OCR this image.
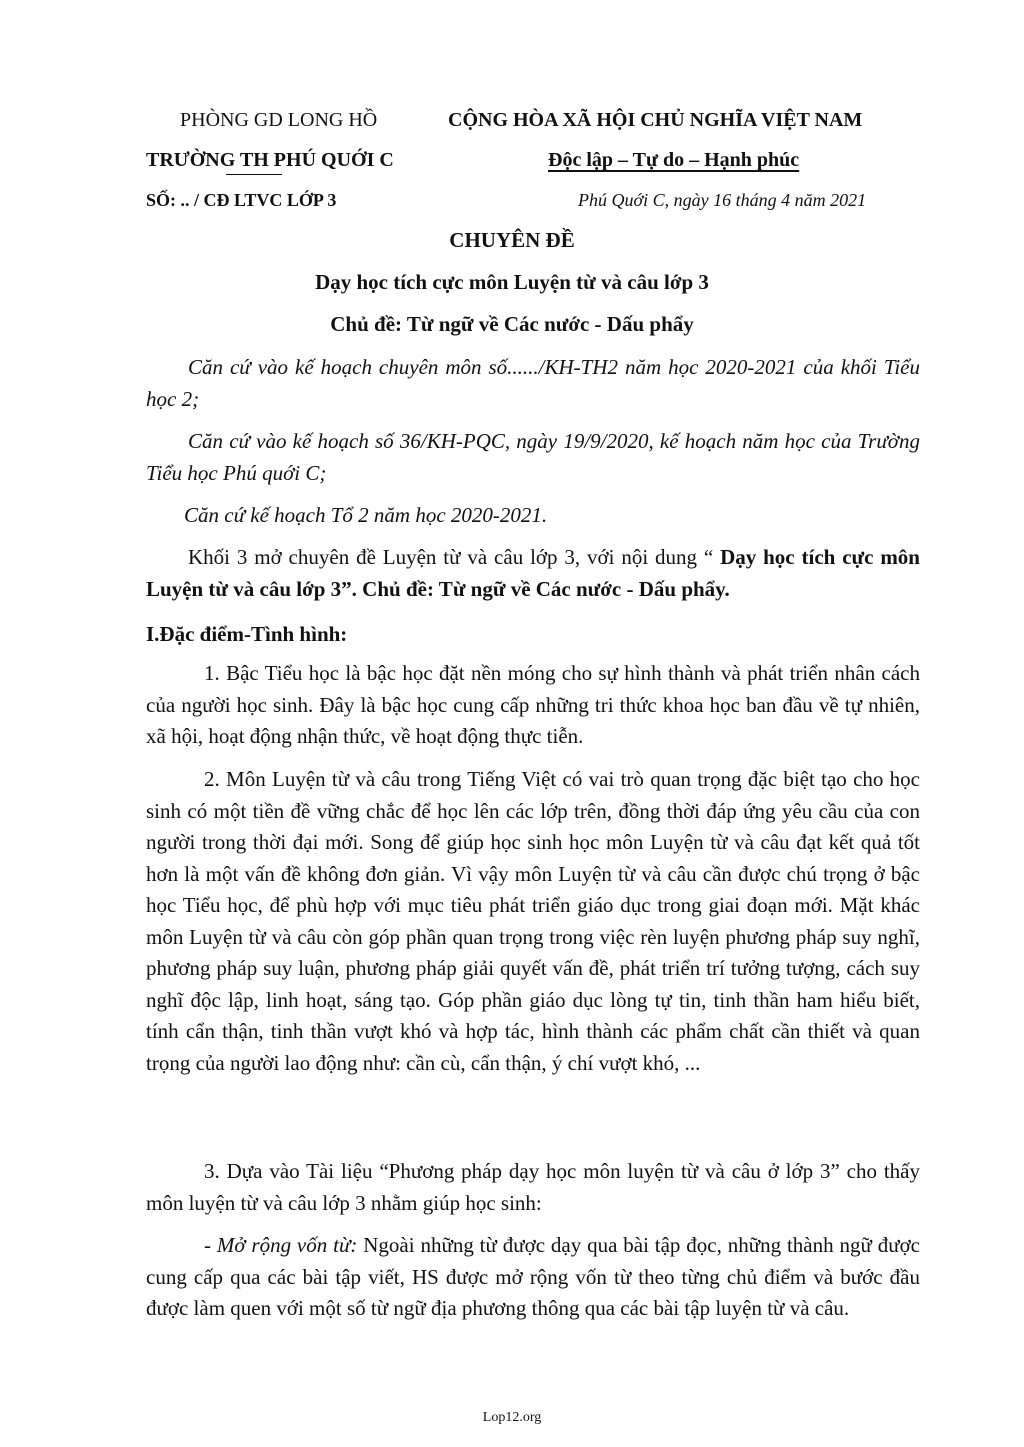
PHÒNG GD LONG HỒ	CỘNG HÒA XÃ HỘI CHỦ NGHĨA VIỆT NAM
TRƯỜNG TH PHÚ QUỚI C	Độc lập – Tự do – Hạnh phúc
SỐ: .. / CĐ LTVC LỚP 3	Phú Quới C, ngày 16 tháng 4 năm 2021
CHUYÊN ĐỀ
Dạy học tích cực môn Luyện từ và câu lớp 3
Chủ đề: Từ ngữ về Các nước - Dấu phẩy
Căn cứ vào kế hoạch chuyên môn số....../KH-TH2 năm học 2020-2021 của khối Tiểu học 2;
Căn cứ vào kế hoạch số 36/KH-PQC, ngày 19/9/2020, kế hoạch năm học của Trường Tiểu học Phú quới C;
Căn cứ kế hoạch Tổ 2 năm học 2020-2021.
Khối 3 mở chuyên đề Luyện từ và câu lớp 3, với nội dung “ Dạy học tích cực môn Luyện từ và câu lớp 3”. Chủ đề: Từ ngữ về Các nước - Dấu phẩy.
I.Đặc điểm-Tình hình:
1. Bậc Tiểu học là bậc học đặt nền móng cho sự hình thành và phát triển nhân cách của người học sinh. Đây là bậc học cung cấp những tri thức khoa học ban đầu về tự nhiên, xã hội, hoạt động nhận thức, về hoạt động thực tiễn.
2. Môn Luyện từ và câu trong Tiếng Việt có vai trò quan trọng đặc biệt tạo cho học sinh có một tiền đề vững chắc để học lên các lớp trên, đồng thời đáp ứng yêu cầu của con người trong thời đại mới. Song để giúp học sinh học môn Luyện từ và câu đạt kết quả tốt hơn là một vấn đề không đơn giản. Vì vậy môn Luyện từ và câu cần được chú trọng ở bậc học Tiểu học, để phù hợp với mục tiêu phát triển giáo dục trong giai đoạn mới. Mặt khác môn Luyện từ và câu còn góp phần quan trọng trong việc rèn luyện phương pháp suy nghĩ, phương pháp suy luận, phương pháp giải quyết vấn đề, phát triển trí tưởng tượng, cách suy nghĩ độc lập, linh hoạt, sáng tạo. Góp phần giáo dục lòng tự tin, tinh thần ham hiểu biết, tính cẩn thận, tinh thần vượt khó và hợp tác, hình thành các phẩm chất cần thiết và quan trọng của người lao động như: cần cù, cẩn thận, ý chí vượt khó, ...
3. Dựa vào Tài liệu “Phương pháp dạy học môn luyện từ và câu ở lớp 3” cho thấy môn luyện từ và câu lớp 3 nhằm giúp học sinh:
- Mở rộng vốn từ: Ngoài những từ được dạy qua bài tập đọc, những thành ngữ được cung cấp qua các bài tập viết, HS được mở rộng vốn từ theo từng chủ điểm và bước đầu được làm quen với một số từ ngữ địa phương thông qua các bài tập luyện từ và câu.
Lop12.org
